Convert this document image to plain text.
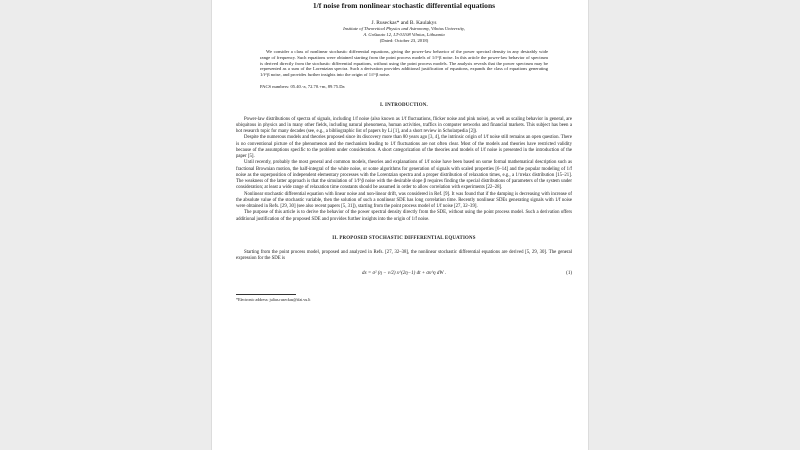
1/f noise from nonlinear stochastic differential equations
J. Ruseckas* and B. Kaulakys
Institute of Theoretical Physics and Astronomy, Vilnius University,
A. Goštauto 12, LT-01108 Vilnius, Lithuania
(Dated: October 23, 2018)
We consider a class of nonlinear stochastic differential equations, giving the power-law behavior of the power spectral density in any desirably wide range of frequency. Such equations were obtained starting from the point process models of 1/f^β noise. In this article the power-law behavior of spectrum is derived directly from the stochastic differential equations, without using the point process models. The analysis reveals that the power spectrum may be represented as a sum of the Lorentzian spectra. Such a derivation provides additional justification of equations, expands the class of equations generating 1/f^β noise, and provides further insights into the origin of 1/f^β noise.
PACS numbers: 05.40.-a, 72.70.+m, 89.75.Da
I. INTRODUCTION.

Power-law distributions of spectra of signals, including 1/f noise (also known as 1/f fluctuations, flicker noise and pink noise), as well as scaling behavior in general, are ubiquitous in physics and in many other fields, including natural phenomena, human activities, traffics in computer networks and financial markets. This subject has been a hot research topic for many decades (see, e.g., a bibliographic list of papers by Li [1], and a short review in Scholarpedia [2]).

Despite the numerous models and theories proposed since its discovery more than 80 years ago [3, 4], the intrinsic origin of 1/f noise still remains an open question. There is no conventional picture of the phenomenon and the mechanism leading to 1/f fluctuations are not often clear. Most of the models and theories have restricted validity because of the assumptions specific to the problem under consideration. A short categorization of the theories and models of 1/f noise is presented in the introduction of the paper [5].

Until recently, probably the most general and common models, theories and explanations of 1/f noise have been based on some formal mathematical description such as fractional Brownian motion, the half-integral of the white noise, or some algorithms for generation of signals with scaled properties [6–14] and the popular modeling of 1/f noise as the superposition of independent elementary processes with the Lorentzian spectra and a proper distribution of relaxation times, e.g., a 1/τrelax distribution [15–21]. The weakness of the latter approach is that the simulation of 1/f^β noise with the desirable slope β requires finding the special distributions of parameters of the system under consideration; at least a wide range of relaxation time constants should be assumed in order to allow correlation with experiments [22–28].

Nonlinear stochastic differential equation with linear noise and non-linear drift, was considered in Ref. [9]. It was found that if the damping is decreasing with increase of the absolute value of the stochastic variable, then the solution of such a nonlinear SDE has long correlation time. Recently nonlinear SDEs generating signals with 1/f noise were obtained in Refs. [29, 30] (see also recent papers [5, 31]), starting from the point process model of 1/f noise [27, 32–39].

The purpose of this article is to derive the behavior of the power spectral density directly from the SDE, without using the point process model. Such a derivation offers additional justification of the proposed SDE and provides further insights into the origin of 1/f noise.

II. PROPOSED STOCHASTIC DIFFERENTIAL EQUATIONS

Starting from the point process model, proposed and analyzed in Refs. [27, 32–38], the nonlinear stochastic differential equations are derived [5, 29, 30]. The general expression for the SDE is

dx = σ² (η − ν/2) x^(2η−1) dt + σx^η dW .	(1)
*Electronic address: julius.ruseckas@tfai.vu.lt
